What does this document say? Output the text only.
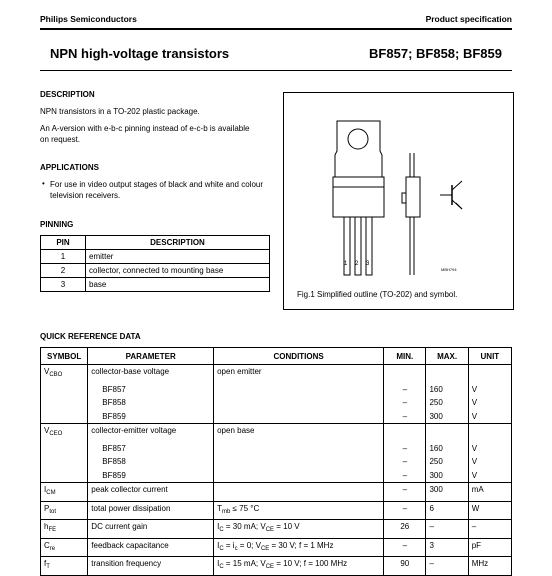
Philips Semiconductors	Product specification
NPN high-voltage transistors	BF857; BF858; BF859
DESCRIPTION
NPN transistors in a TO-202 plastic package.
An A-version with e-b-c pinning instead of e-c-b is available on request.
APPLICATIONS
• For use in video output stages of black and white and colour television receivers.
PINNING
PIN	DESCRIPTION
1	emitter
2	collector, connected to mounting base
3	base
1 2 3
MBH794
Fig.1 Simplified outline (TO-202) and symbol.
QUICK REFERENCE DATA
SYMBOL	PARAMETER	CONDITIONS	MIN.	MAX.	UNIT
$V_{CBO}$	collector-base voltage	open emitter			
	BF857		–	160	V
	BF858		–	250	V
	BF859		–	300	V
$V_{CEO}$	collector-emitter voltage	open base			
	BF857		–	160	V
	BF858		–	250	V
	BF859		–	300	V
$I_{CM}$	peak collector current		–	300	mA
$P_{tot}$	total power dissipation	$T_{mb} \le 75$ °C	–	6	W
$h_{FE}$	DC current gain	$I_C = 30$ mA; $V_{CE} = 10$ V	26	–	–
$C_{re}$	feedback capacitance	$I_C = i_c = 0$; $V_{CE} = 30$ V; f = 1 MHz	–	3	pF
$f_T$	transition frequency	$I_C = 15$ mA; $V_{CE} = 10$ V; f = 100 MHz	90	–	MHz
